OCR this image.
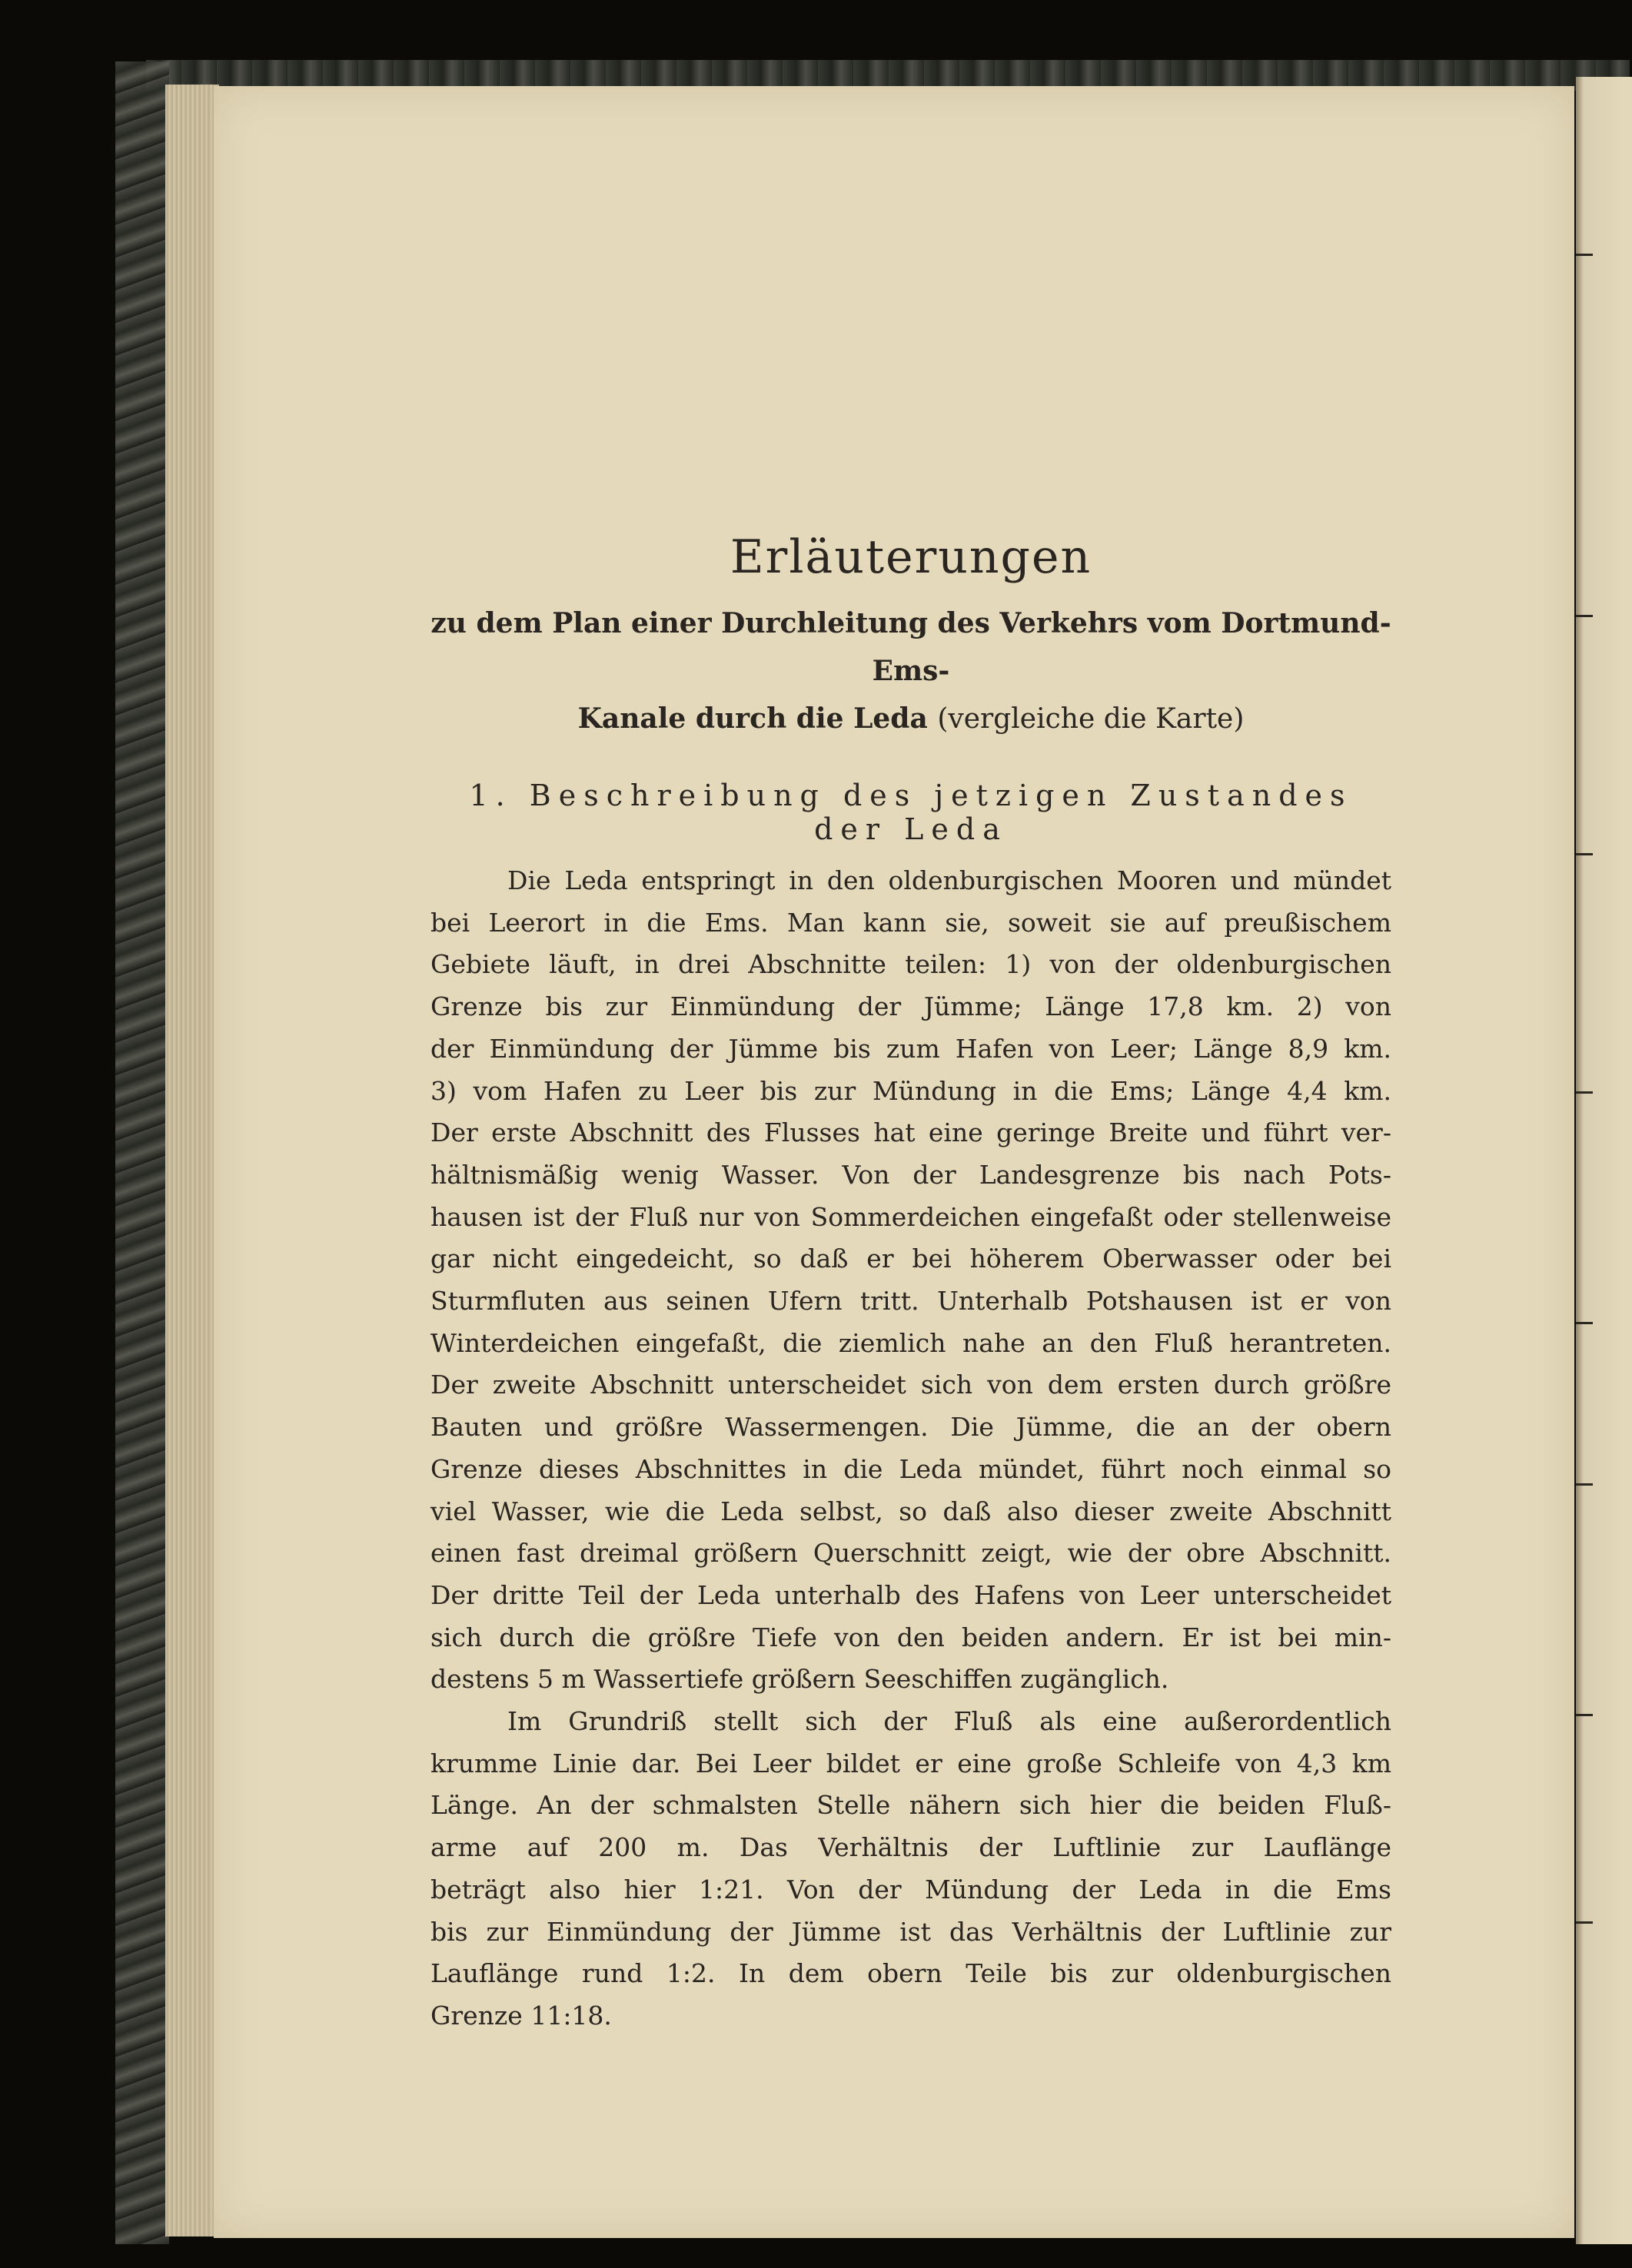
Erläuterungen

zu dem Plan einer Durchleitung des Verkehrs vom Dortmund-Ems-
Kanale durch die Leda (vergleiche die Karte)

1. Beschreibung des jetzigen Zustandes der Leda
Die Leda entspringt in den oldenburgischen Mooren und mündet
bei Leerort in die Ems. Man kann sie, soweit sie auf preußischem
Gebiete läuft, in drei Abschnitte teilen: 1) von der oldenburgischen
Grenze bis zur Einmündung der Jümme; Länge 17,8 km. 2) von
der Einmündung der Jümme bis zum Hafen von Leer; Länge 8,9 km.
3) vom Hafen zu Leer bis zur Mündung in die Ems; Länge 4,4 km.
Der erste Abschnitt des Flusses hat eine geringe Breite und führt ver-
hältnismäßig wenig Wasser. Von der Landesgrenze bis nach Pots-
hausen ist der Fluß nur von Sommerdeichen eingefaßt oder stellenweise
gar nicht eingedeicht, so daß er bei höherem Oberwasser oder bei
Sturmfluten aus seinen Ufern tritt. Unterhalb Potshausen ist er von
Winterdeichen eingefaßt, die ziemlich nahe an den Fluß herantreten.
Der zweite Abschnitt unterscheidet sich von dem ersten durch größre
Bauten und größre Wassermengen. Die Jümme, die an der obern
Grenze dieses Abschnittes in die Leda mündet, führt noch einmal so
viel Wasser, wie die Leda selbst, so daß also dieser zweite Abschnitt
einen fast dreimal größern Querschnitt zeigt, wie der obre Abschnitt.
Der dritte Teil der Leda unterhalb des Hafens von Leer unterscheidet
sich durch die größre Tiefe von den beiden andern. Er ist bei min-
destens 5 m Wassertiefe größern Seeschiffen zugänglich.
Im Grundriß stellt sich der Fluß als eine außerordentlich
krumme Linie dar. Bei Leer bildet er eine große Schleife von 4,3 km
Länge. An der schmalsten Stelle nähern sich hier die beiden Fluß-
arme auf 200 m. Das Verhältnis der Luftlinie zur Lauflänge
beträgt also hier 1:21. Von der Mündung der Leda in die Ems
bis zur Einmündung der Jümme ist das Verhältnis der Luftlinie zur
Lauflänge rund 1:2. In dem obern Teile bis zur oldenburgischen
Grenze 11:18.
